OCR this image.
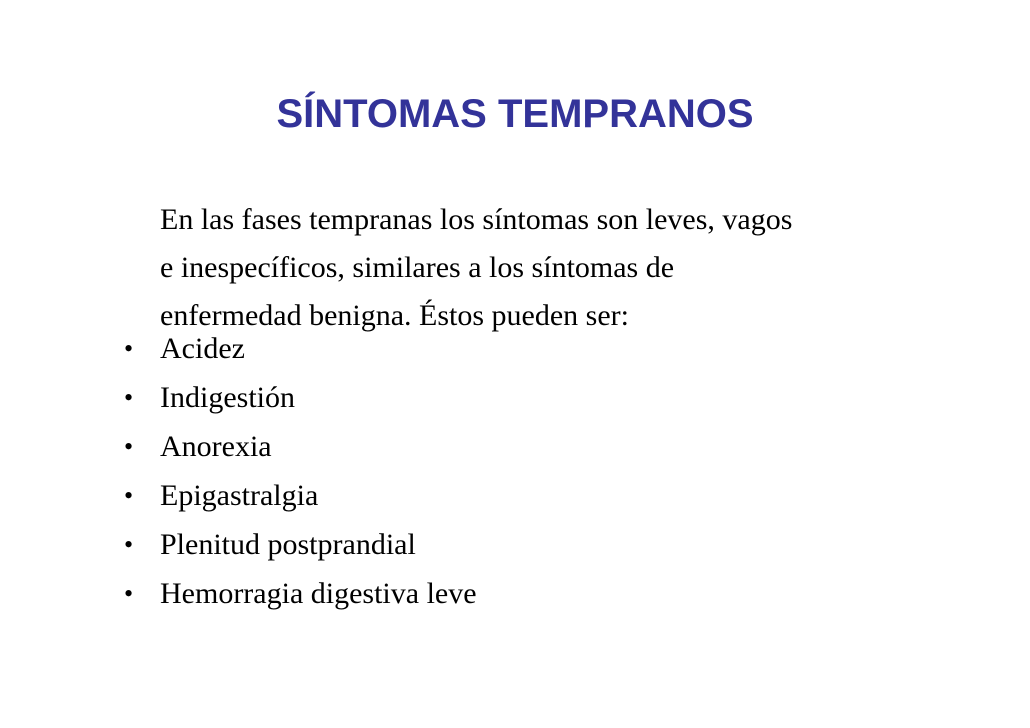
SÍNTOMAS TEMPRANOS

En las fases tempranas los síntomas son leves, vagos
e inespecíficos, similares a los síntomas de
enfermedad benigna. Éstos pueden ser:

• Acidez
• Indigestión
• Anorexia
• Epigastralgia
• Plenitud postprandial
• Hemorragia digestiva leve
